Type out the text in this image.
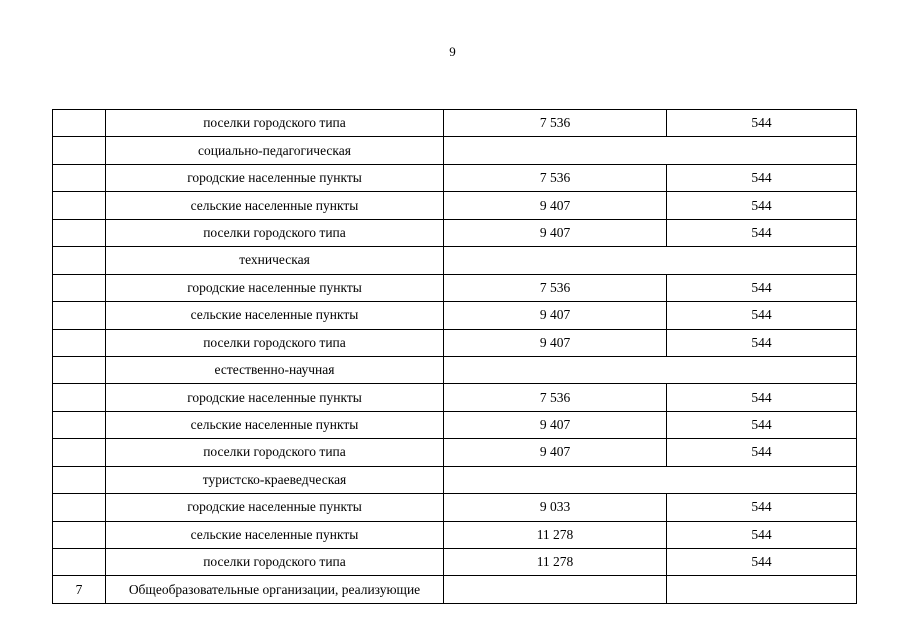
9
	поселки городского типа	7 536	544
	социально-педагогическая		
	городские населенные пункты	7 536	544
	сельские населенные пункты	9 407	544
	поселки городского типа	9 407	544
	техническая		
	городские населенные пункты	7 536	544
	сельские населенные пункты	9 407	544
	поселки городского типа	9 407	544
	естественно-научная		
	городские населенные пункты	7 536	544
	сельские населенные пункты	9 407	544
	поселки городского типа	9 407	544
	туристско-краеведческая		
	городские населенные пункты	9 033	544
	сельские населенные пункты	11 278	544
	поселки городского типа	11 278	544
7	Общеобразовательные организации, реализующие		
